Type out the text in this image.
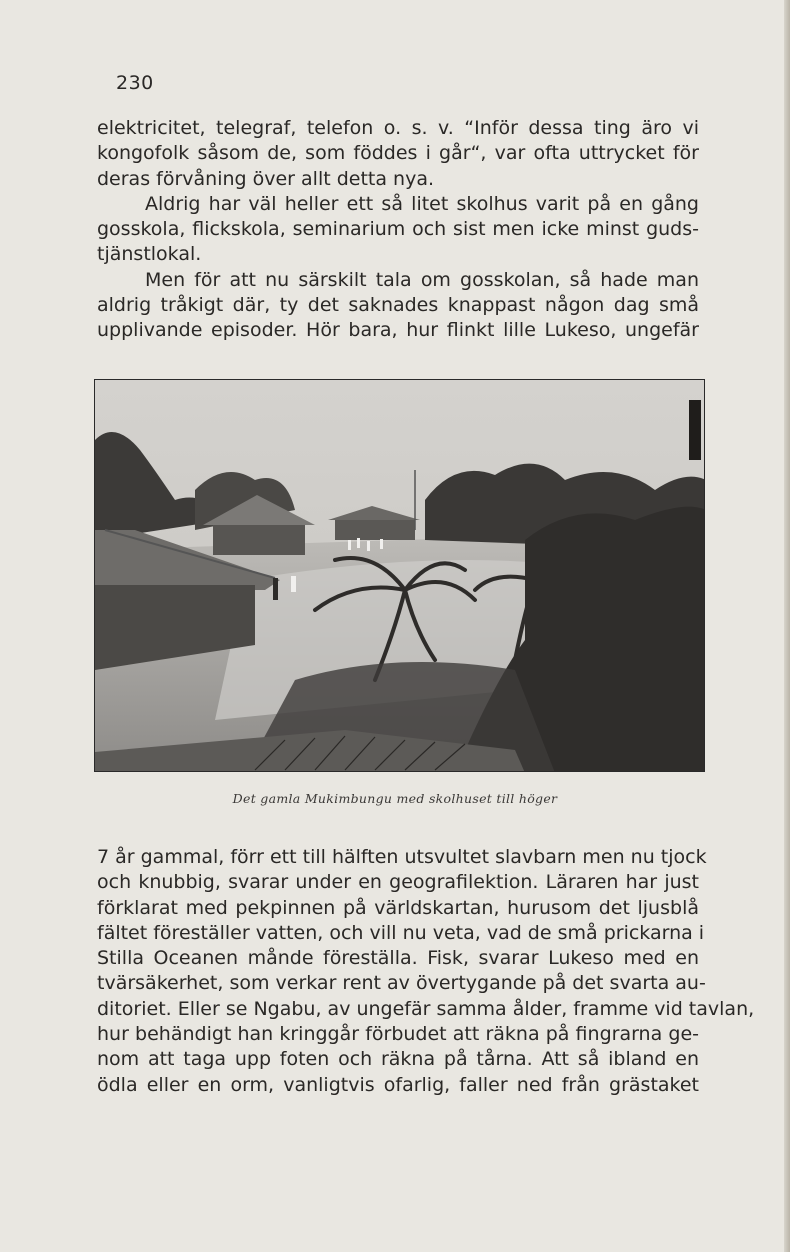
230
elektricitet, telegraf, telefon o. s. v. “Inför dessa ting äro vi
kongofolk såsom de, som föddes i går“, var ofta uttrycket för
deras förvåning över allt detta nya.
Aldrig har väl heller ett så litet skolhus varit på en gång
gosskola, flickskola, seminarium och sist men icke minst guds-
tjänstlokal.
Men för att nu särskilt tala om gosskolan, så hade man
aldrig tråkigt där, ty det saknades knappast någon dag små
upplivande episoder. Hör bara, hur flinkt lille Lukeso, ungefär
Det gamla Mukimbungu med skolhuset till höger
7 år gammal, förr ett till hälften utsvultet slavbarn men nu tjock
och knubbig, svarar under en geografilektion. Läraren har just
förklarat med pekpinnen på världskartan, hurusom det ljusblå
fältet föreställer vatten, och vill nu veta, vad de små prickarna i
Stilla Oceanen månde föreställa. Fisk, svarar Lukeso med en
tvärsäkerhet, som verkar rent av övertygande på det svarta au-
ditoriet. Eller se Ngabu, av ungefär samma ålder, framme vid tavlan,
hur behändigt han kringgår förbudet att räkna på fingrarna ge-
nom att taga upp foten och räkna på tårna. Att så ibland en
ödla eller en orm, vanligtvis ofarlig, faller ned från grästaket
